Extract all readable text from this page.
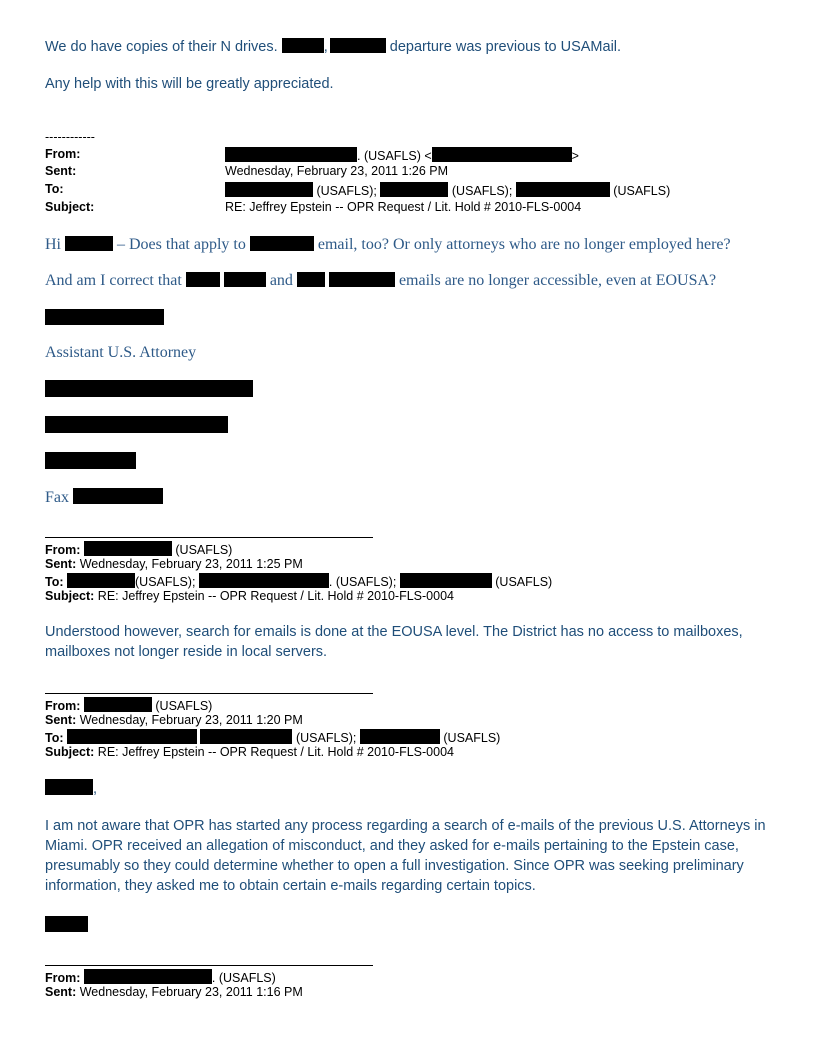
We do have copies of their N drives.	,	departure was previous to USAMail.
Any help with this will be greatly appreciated.
------------
From:	. (USAFLS) <	>
Sent:	Wednesday, February 23, 2011 1:26 PM
To:	(USAFLS);	(USAFLS);	(USAFLS)
Subject:	RE: Jeffrey Epstein -- OPR Request / Lit. Hold # 2010-FLS-0004
Hi	– Does that apply to	email, too? Or only attorneys who are no longer employed here?
And am I correct that	and	emails are no longer accessible, even at EOUSA?
Assistant U.S. Attorney
Fax
From:	(USAFLS)
Sent: Wednesday, February 23, 2011 1:25 PM
To:	(USAFLS);	. (USAFLS);	(USAFLS)
Subject: RE: Jeffrey Epstein -- OPR Request / Lit. Hold # 2010-FLS-0004
Understood however, search for emails is done at the EOUSA level. The District has no access to mailboxes, mailboxes not longer reside in local servers.
From:	(USAFLS)
Sent: Wednesday, February 23, 2011 1:20 PM
To:	(USAFLS);	(USAFLS)
Subject: RE: Jeffrey Epstein -- OPR Request / Lit. Hold # 2010-FLS-0004
,
I am not aware that OPR has started any process regarding a search of e-mails of the previous U.S. Attorneys in Miami. OPR received an allegation of misconduct, and they asked for e-mails pertaining to the Epstein case, presumably so they could determine whether to open a full investigation. Since OPR was seeking preliminary information, they asked me to obtain certain e-mails regarding certain topics.
From:	. (USAFLS)
Sent: Wednesday, February 23, 2011 1:16 PM
